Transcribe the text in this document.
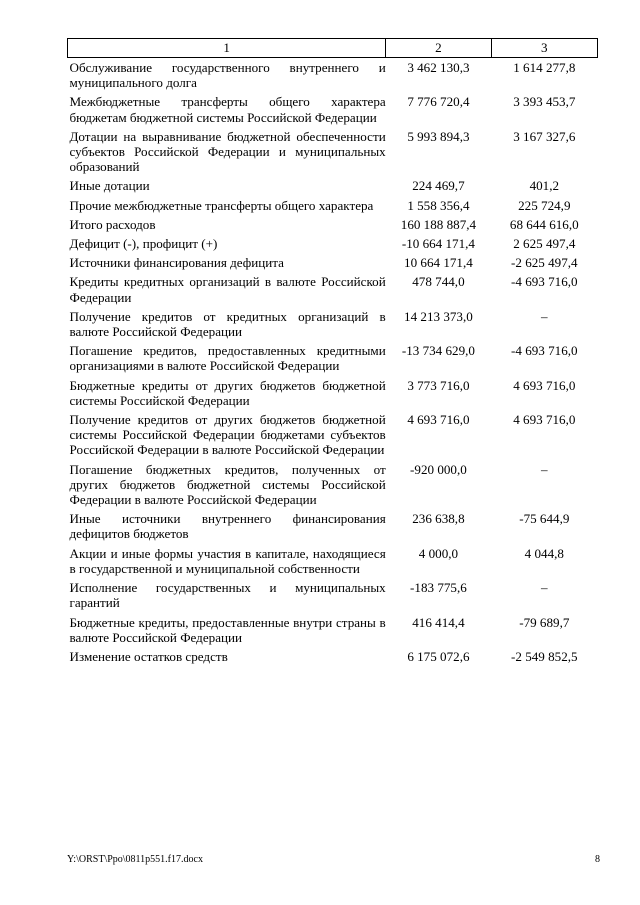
1	2	3
Обслуживание государственного внутреннего и муниципального долга	3 462 130,3	1 614 277,8
Межбюджетные трансферты общего характера бюджетам бюджетной системы Российской Федерации	7 776 720,4	3 393 453,7
Дотации на выравнивание бюджетной обеспеченности субъектов Российской Федерации и муниципальных образований	5 993 894,3	3 167 327,6
Иные дотации	224 469,7	401,2
Прочие межбюджетные трансферты общего характера	1 558 356,4	225 724,9
Итого расходов	160 188 887,4	68 644 616,0
Дефицит (-), профицит (+)	-10 664 171,4	2 625 497,4
Источники финансирования дефицита	10 664 171,4	-2 625 497,4
Кредиты кредитных организаций в валюте Российской Федерации	478 744,0	-4 693 716,0
Получение кредитов от кредитных организаций в валюте Российской Федерации	14 213 373,0	–
Погашение кредитов, предоставленных кредитными организациями в валюте Российской Федерации	-13 734 629,0	-4 693 716,0
Бюджетные кредиты от других бюджетов бюджетной системы Российской Федерации	3 773 716,0	4 693 716,0
Получение кредитов от других бюджетов бюджетной системы Российской Федерации бюджетами субъектов Российской Федерации в валюте Российской Федерации	4 693 716,0	4 693 716,0
Погашение бюджетных кредитов, полученных от других бюджетов бюджетной системы Российской Федерации в валюте Российской Федерации	-920 000,0	–
Иные источники внутреннего финансирования дефицитов бюджетов	236 638,8	-75 644,9
Акции и иные формы участия в капитале, находящиеся в государственной и муниципальной собственности	4 000,0	4 044,8
Исполнение государственных и муниципальных гарантий	-183 775,6	–
Бюджетные кредиты, предоставленные внутри страны в валюте Российской Федерации	416 414,4	-79 689,7
Изменение остатков средств	6 175 072,6	-2 549 852,5
Y:\ORST\Ppo\0811p551.f17.docx	8
